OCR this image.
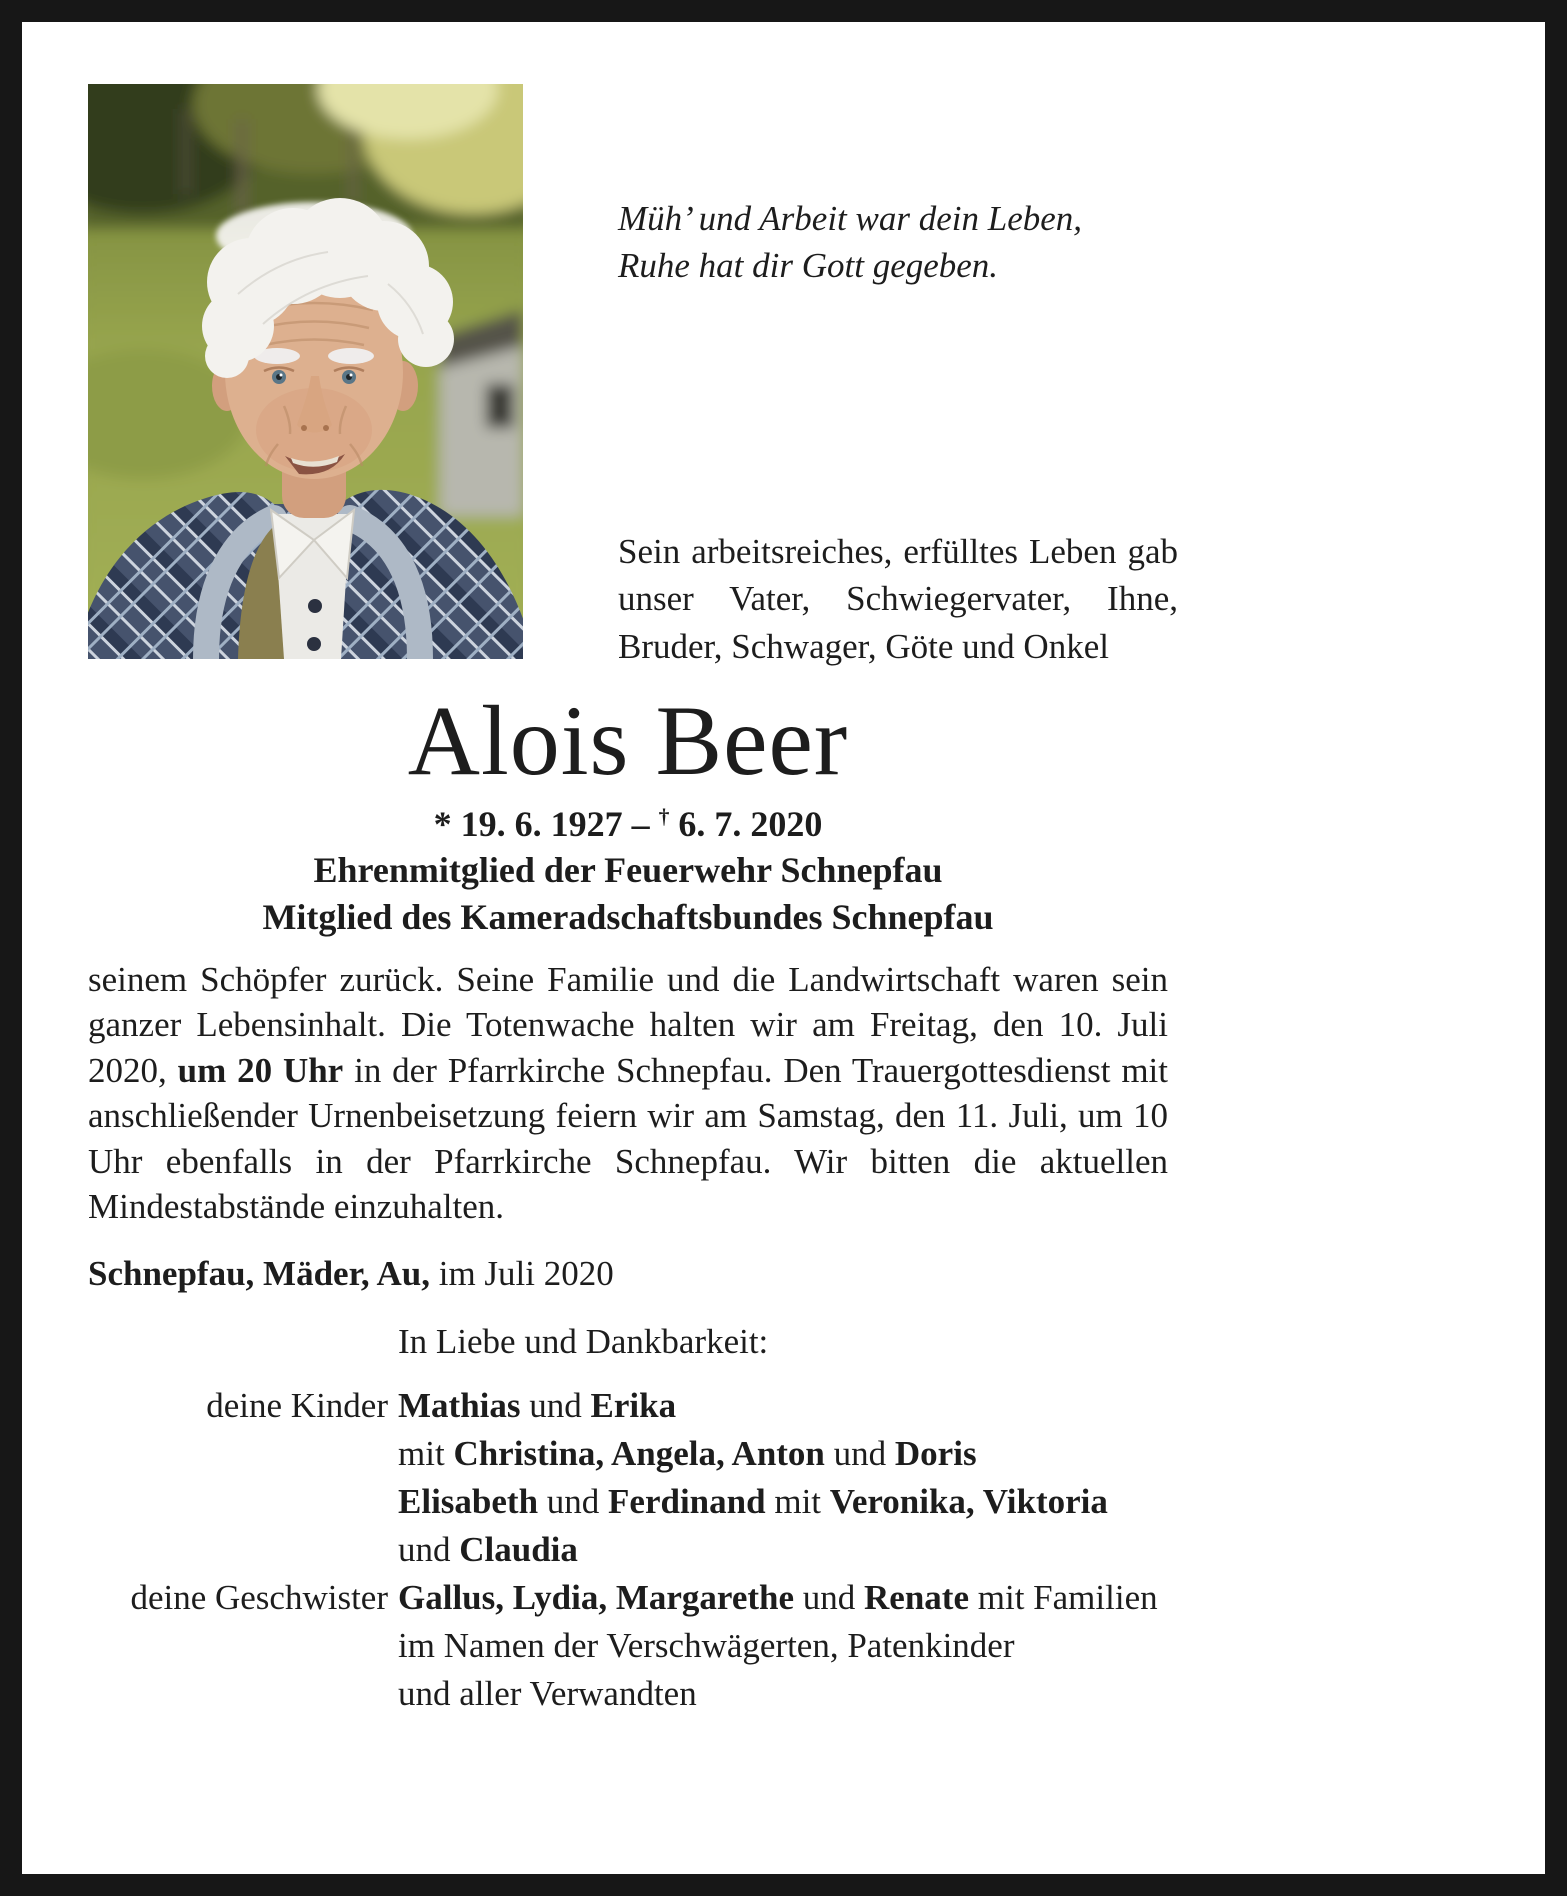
Müh’ und Arbeit war dein Leben,
Ruhe hat dir Gott gegeben.
Sein arbeitsreiches, erfülltes Leben gab unser Vater, Schwiegervater, Ihne, Bruder, Schwager, Göte und Onkel
Alois Beer
* 19. 6. 1927 – † 6. 7. 2020
Ehrenmitglied der Feuerwehr Schnepfau
Mitglied des Kameradschaftsbundes Schnepfau
seinem Schöpfer zurück. Seine Familie und die Landwirtschaft waren sein ganzer Lebensinhalt. Die Totenwache halten wir am Freitag, den 10. Juli 2020, um 20 Uhr in der Pfarrkirche Schnepfau. Den Trauergottesdienst mit anschließender Urnenbeisetzung feiern wir am Samstag, den 11. Juli, um 10 Uhr ebenfalls in der Pfarrkirche Schnepfau. Wir bitten die aktuellen Mindestabstände einzuhalten.
Schnepfau, Mäder, Au, im Juli 2020
In Liebe und Dankbarkeit:
deine Kinder Mathias und Erika
mit Christina, Angela, Anton und Doris
Elisabeth und Ferdinand mit Veronika, Viktoria
und Claudia
deine Geschwister Gallus, Lydia, Margarethe und Renate mit Familien
im Namen der Verschwägerten, Patenkinder
und aller Verwandten
